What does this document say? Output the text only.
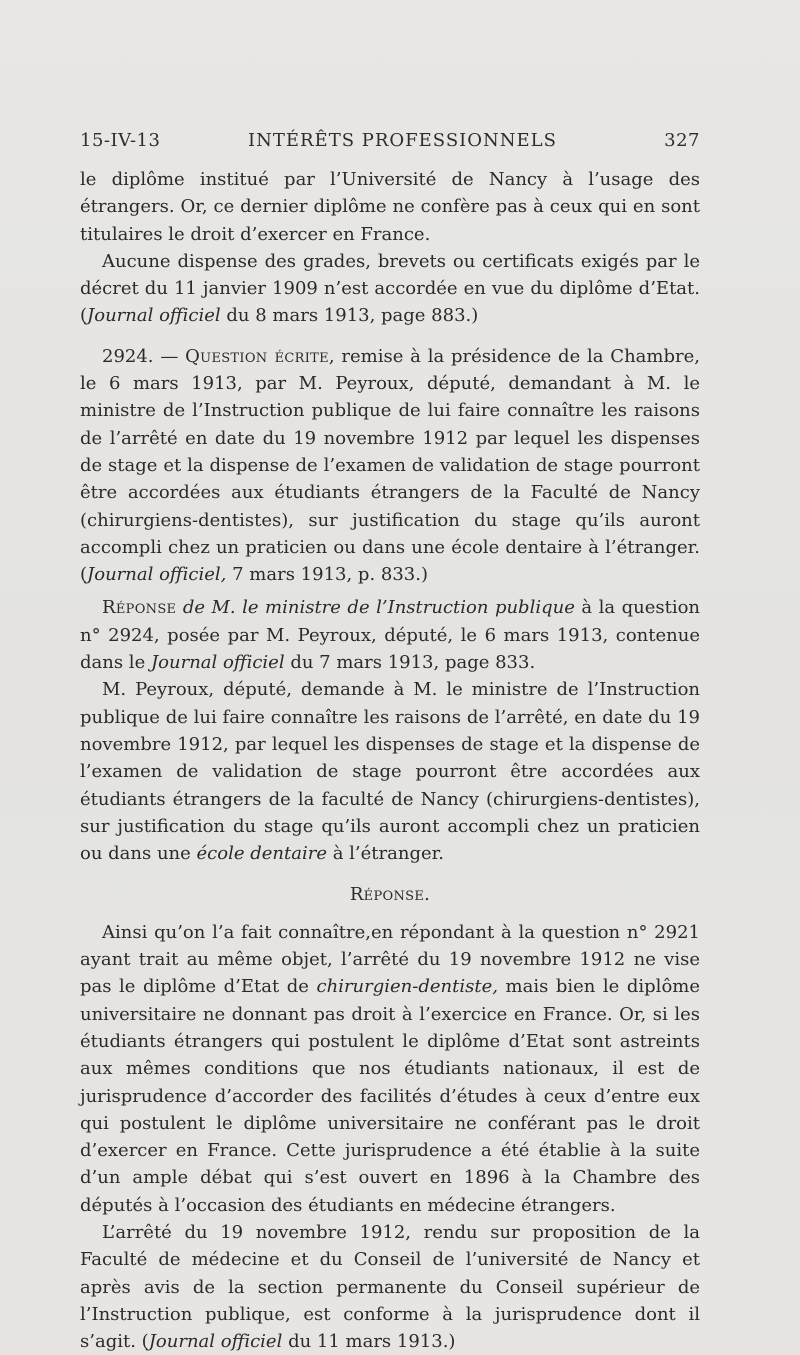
15-IV-13	INTÉRÊTS PROFESSIONNELS	327

le diplôme institué par l’Université de Nancy à l’usage des étrangers. Or, ce dernier diplôme ne confère pas à ceux qui en sont titulaires le droit d’exercer en France.

Aucune dispense des grades, brevets ou certificats exigés par le décret du 11 janvier 1909 n’est accordée en vue du diplôme d’Etat. (Journal officiel du 8 mars 1913, page 883.)

2924. — Question écrite, remise à la présidence de la Chambre, le 6 mars 1913, par M. Peyroux, député, demandant à M. le ministre de l’Instruction publique de lui faire connaître les raisons de l’arrêté en date du 19 novembre 1912 par lequel les dispenses de stage et la dispense de l’examen de validation de stage pourront être accordées aux étudiants étrangers de la Faculté de Nancy (chirurgiens-dentistes), sur justification du stage qu’ils auront accompli chez un praticien ou dans une école dentaire à l’étranger. (Journal officiel, 7 mars 1913, p. 833.)

Réponse de M. le ministre de l’Instruction publique à la question n° 2924, posée par M. Peyroux, député, le 6 mars 1913, contenue dans le Journal officiel du 7 mars 1913, page 833.

M. Peyroux, député, demande à M. le ministre de l’Instruction publique de lui faire connaître les raisons de l’arrêté, en date du 19 novembre 1912, par lequel les dispenses de stage et la dispense de l’examen de validation de stage pourront être accordées aux étudiants étrangers de la faculté de Nancy (chirurgiens-dentistes), sur justification du stage qu’ils auront accompli chez un praticien ou dans une école dentaire à l’étranger.

Réponse.

Ainsi qu’on l’a fait connaître,en répondant à la question n° 2921 ayant trait au même objet, l’arrêté du 19 novembre 1912 ne vise pas le diplôme d’Etat de chirurgien-dentiste, mais bien le diplôme universitaire ne donnant pas droit à l’exercice en France. Or, si les étudiants étrangers qui postulent le diplôme d’Etat sont astreints aux mêmes conditions que nos étudiants nationaux, il est de jurisprudence d’accorder des facilités d’études à ceux d’entre eux qui postulent le diplôme universitaire ne conférant pas le droit d’exercer en France. Cette jurisprudence a été établie à la suite d’un ample débat qui s’est ouvert en 1896 à la Chambre des députés à l’occasion des étudiants en médecine étrangers.

L’arrêté du 19 novembre 1912, rendu sur proposition de la Faculté de médecine et du Conseil de l’université de Nancy et après avis de la section permanente du Conseil supérieur de l’Instruction publique, est conforme à la jurisprudence dont il s’agit. (Journal officiel du 11 mars 1913.)
